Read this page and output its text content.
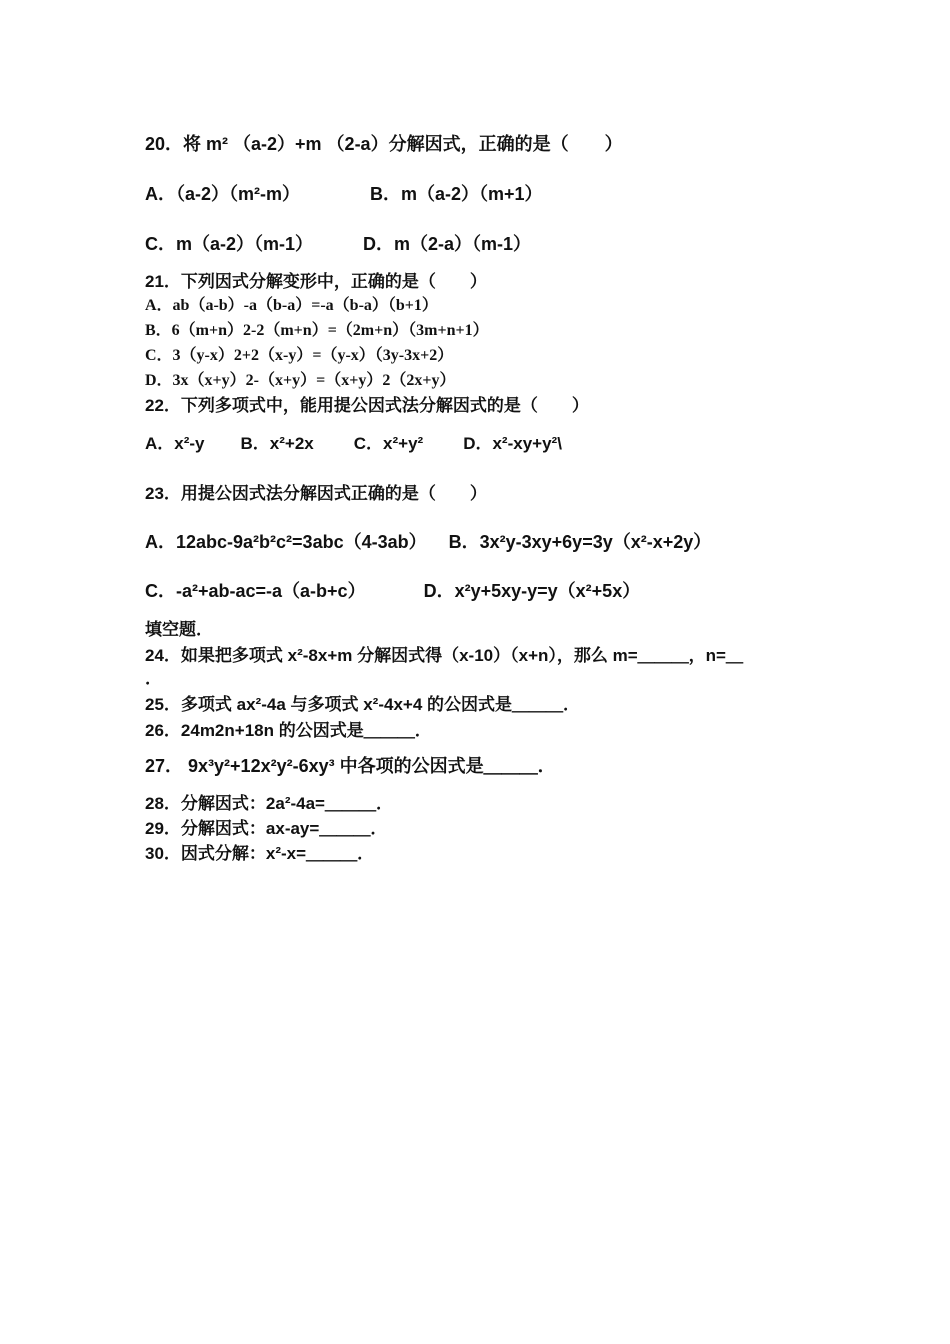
20．将 m² （a-2）+m （2-a）分解因式，正确的是（　　）
A．（a-2）（m²-m）	B．m（a-2）（m+1）
C．m（a-2）（m-1）	D．m（2-a）（m-1）
21．下列因式分解变形中，正确的是（　　）
A．ab（a-b）-a（b-a）=-a（b-a）（b+1）
B．6（m+n）2-2（m+n）=（2m+n）（3m+n+1）
C．3（y-x）2+2（x-y）=（y-x）（3y-3x+2）
D．3x（x+y）2-（x+y）=（x+y）2（2x+y）
22．下列多项式中，能用提公因式法分解因式的是（　　）
A．x²-y B．x²+2x C．x²+y² D．x²-xy+y²\
23．用提公因式法分解因式正确的是（　　）
A．12abc-9a²b²c²=3abc（4-3ab） B．3x²y-3xy+6y=3y（x²-x+2y）
C．-a²+ab-ac=-a（a-b+c）	D．x²y+5xy-y=y（x²+5x）
填空题．
24．如果把多项式 x²-8x+m 分解因式得（x-10）（x+n），那么 m=＿＿＿，n=＿
．
25．多项式 ax²-4a 与多项式 x²-4x+4 的公因式是＿＿＿．
26．24m2n+18n 的公因式是＿＿＿．
27． 9x³y²+12x²y²-6xy³ 中各项的公因式是＿＿＿．
28．分解因式：2a²-4a=＿＿＿．
29．分解因式：ax-ay=＿＿＿．
30．因式分解：x²-x=＿＿＿．
